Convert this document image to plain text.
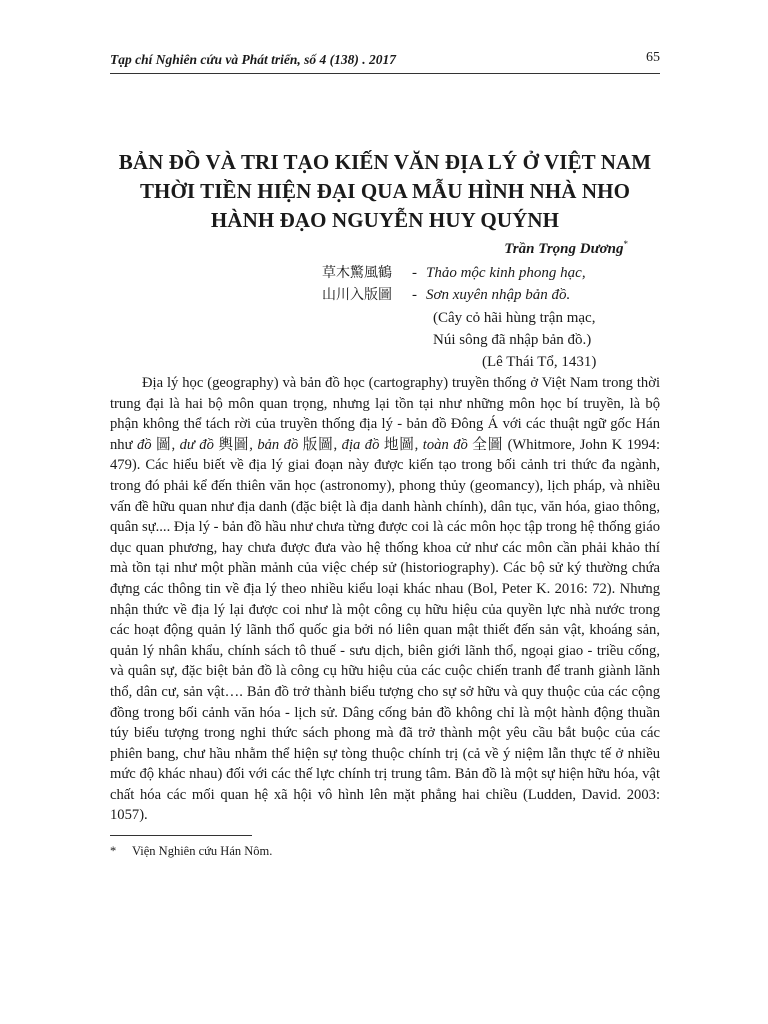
Tạp chí Nghiên cứu và Phát triển, số 4 (138) . 2017	65
BẢN ĐỒ VÀ TRI TẠO KIẾN VĂN ĐỊA LÝ Ở VIỆT NAM
THỜI TIỀN HIỆN ĐẠI QUA MẪU HÌNH NHÀ NHO
HÀNH ĐẠO NGUYỄN HUY QUÝNH
Trần Trọng Dương*
草木驚風鶴 - Thảo mộc kinh phong hạc,
山川入版圖 - Sơn xuyên nhập bản đồ.
(Cây cỏ hãi hùng trận mạc,
Núi sông đã nhập bản đồ.)
(Lê Thái Tổ, 1431)

Địa lý học (geography) và bản đồ học (cartography) truyền thống ở Việt Nam trong thời trung đại là hai bộ môn quan trọng, nhưng lại tồn tại như những môn học bí truyền, là bộ phận không thể tách rời của truyền thống địa lý - bản đồ Đông Á với các thuật ngữ gốc Hán như đồ 圖, dư đồ 輿圖, bản đồ 版圖, địa đồ 地圖, toàn đồ 全圖 (Whitmore, John K 1994: 479). Các hiểu biết về địa lý giai đoạn này được kiến tạo trong bối cảnh tri thức đa ngành, trong đó phải kể đến thiên văn học (astronomy), phong thủy (geomancy), lịch pháp, và nhiều vấn đề hữu quan như địa danh (đặc biệt là địa danh hành chính), dân tục, văn hóa, giao thông, quân sự.... Địa lý - bản đồ hầu như chưa từng được coi là các môn học tập trong hệ thống giáo dục quan phương, hay chưa được đưa vào hệ thống khoa cử như các môn cần phải khảo thí mà tồn tại như một phần mảnh của việc chép sử (historiography). Các bộ sử ký thường chứa đựng các thông tin về địa lý theo nhiều kiểu loại khác nhau (Bol, Peter K. 2016: 72). Nhưng nhận thức về địa lý lại được coi như là một công cụ hữu hiệu của quyền lực nhà nước trong các hoạt động quản lý lãnh thổ quốc gia bởi nó liên quan mật thiết đến sản vật, khoáng sản, quản lý nhân khẩu, chính sách tô thuế - sưu dịch, biên giới lãnh thổ, ngoại giao - triều cống, và quân sự, đặc biệt bản đồ là công cụ hữu hiệu của các cuộc chiến tranh để tranh giành lãnh thổ, dân cư, sản vật…. Bản đồ trở thành biểu tượng cho sự sở hữu và quy thuộc của các cộng đồng trong bối cảnh văn hóa - lịch sử. Dâng cống bản đồ không chỉ là một hành động thuần túy biểu tượng trong nghi thức sách phong mà đã trở thành một yêu cầu bắt buộc của các phiên bang, chư hầu nhằm thể hiện sự tòng thuộc chính trị (cả về ý niệm lẫn thực tế ở nhiều mức độ khác nhau) đối với các thế lực chính trị trung tâm. Bản đồ là một sự hiện hữu hóa, vật chất hóa các mối quan hệ xã hội vô hình lên mặt phẳng hai chiều (Ludden, David. 2003: 1057).

* Viện Nghiên cứu Hán Nôm.
